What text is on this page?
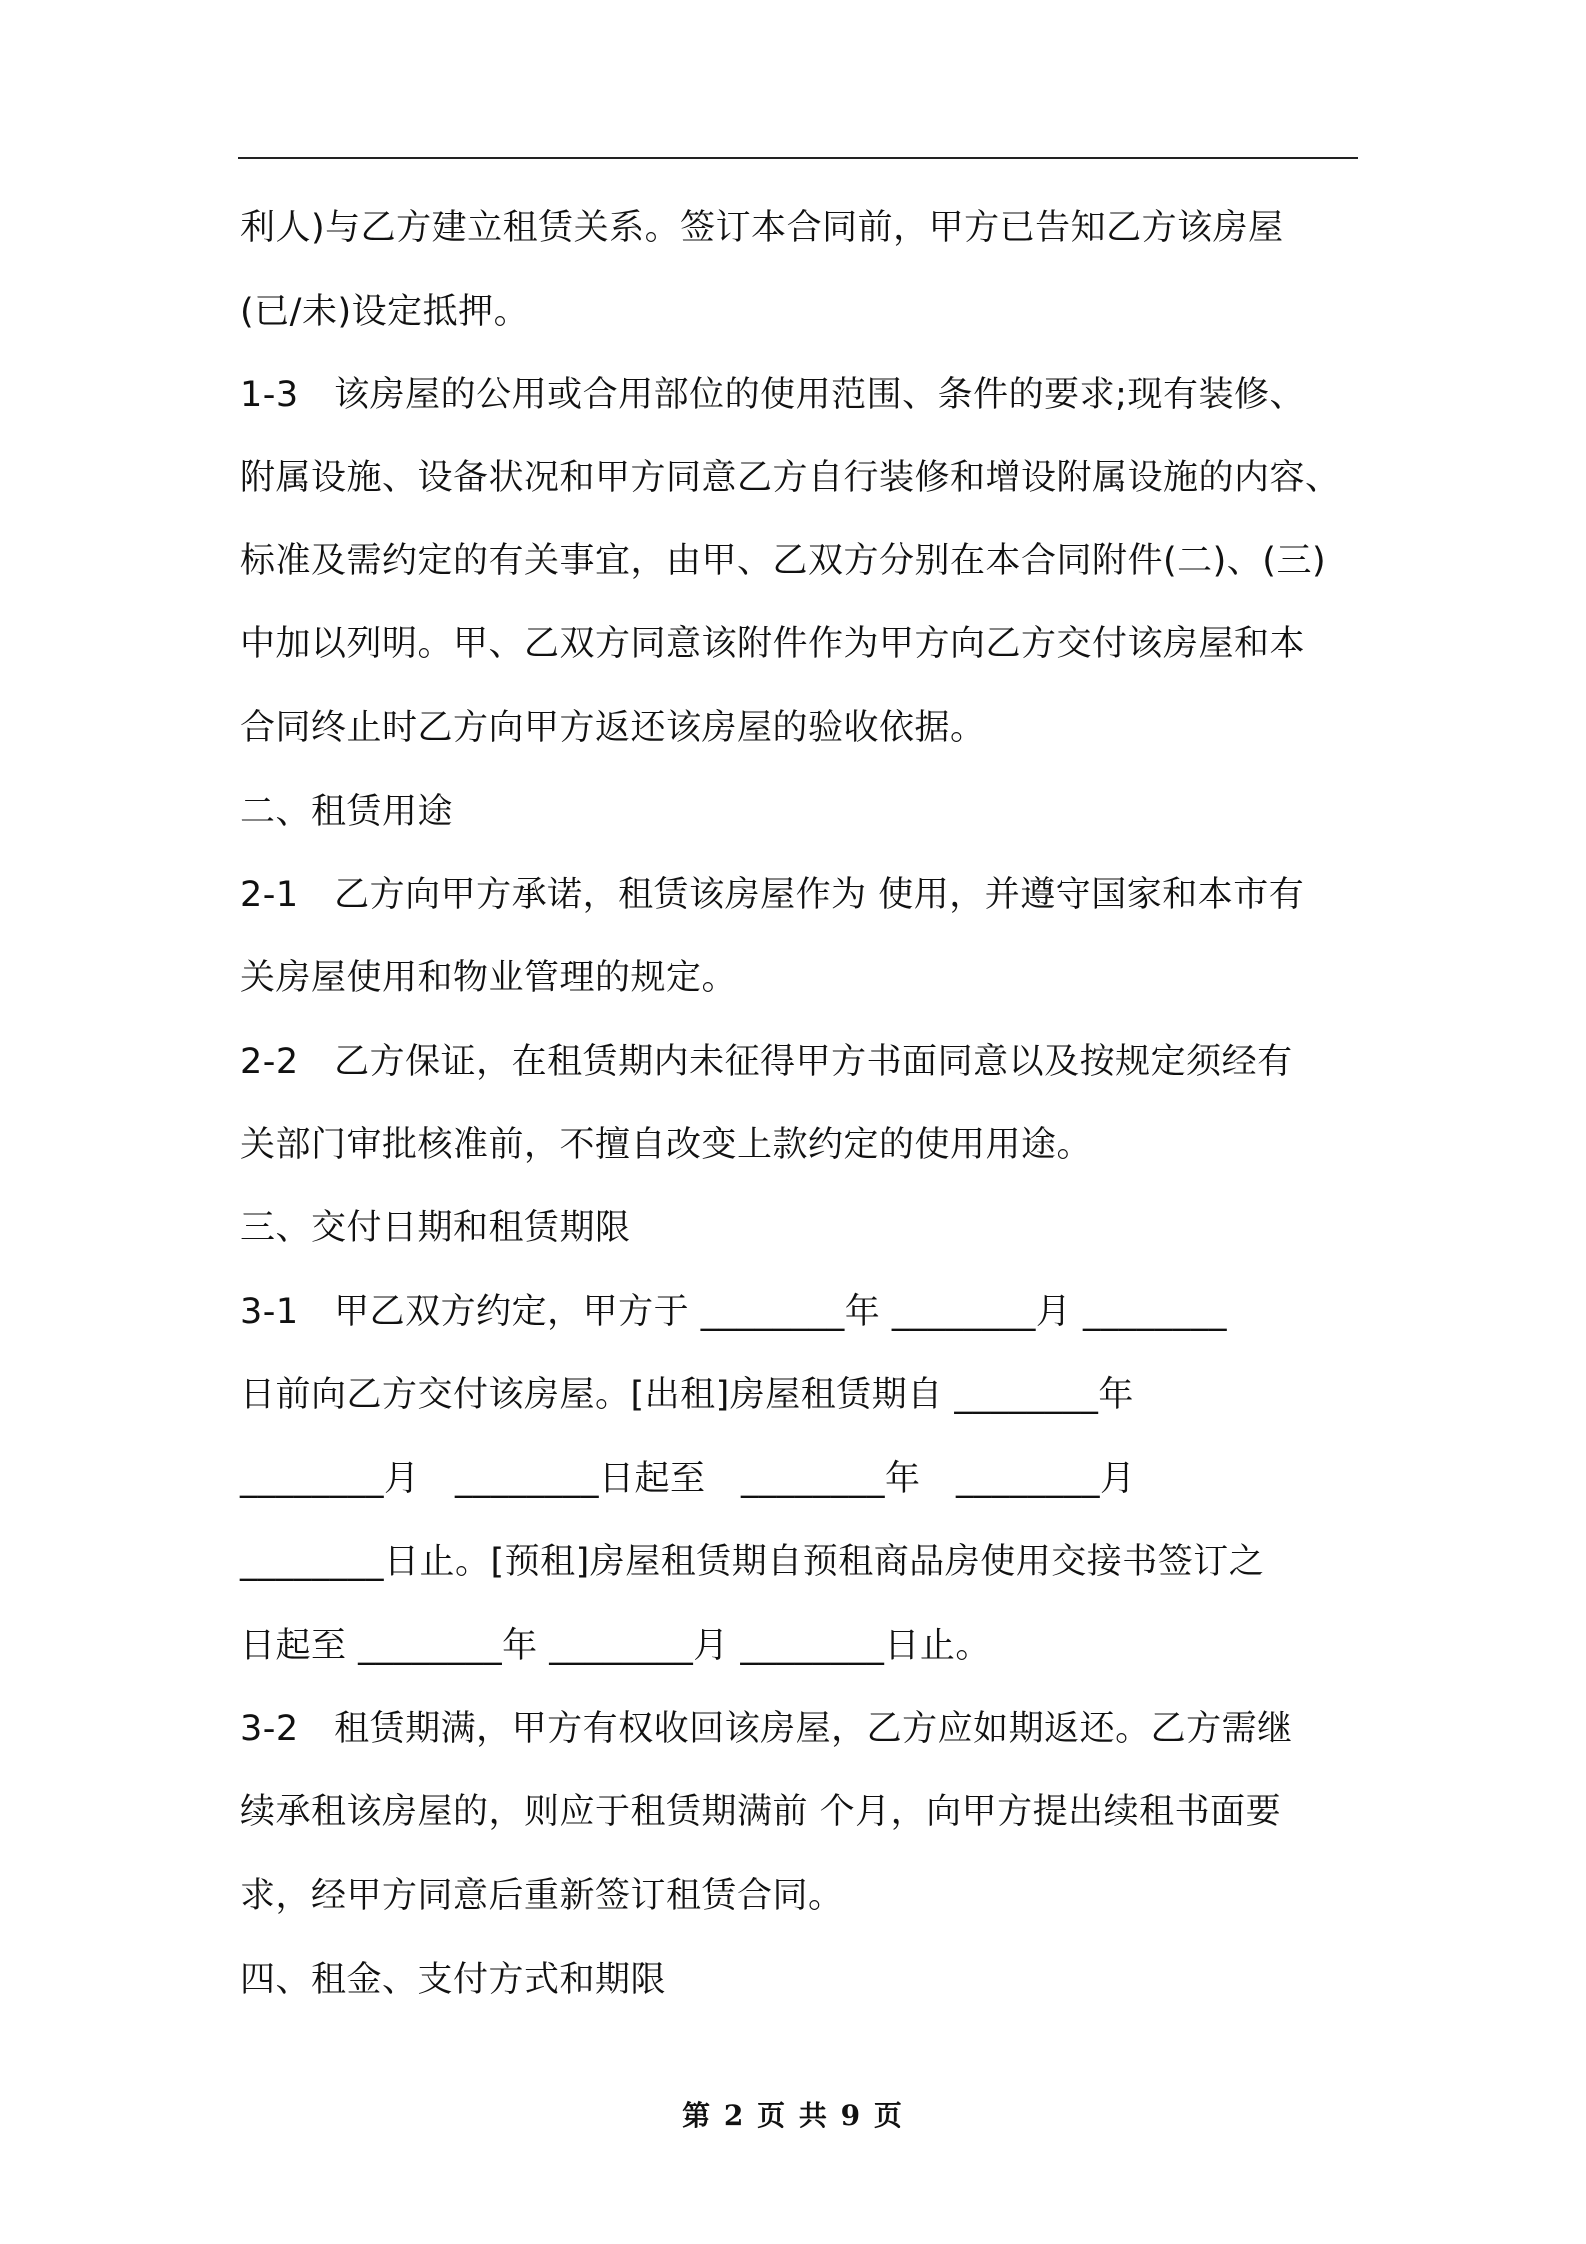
利人)与乙方建立租赁关系。签订本合同前，甲方已告知乙方该房屋
(已/未)设定抵押。
1-3　该房屋的公用或合用部位的使用范围、条件的要求;现有装修、
附属设施、设备状况和甲方同意乙方自行装修和增设附属设施的内容、
标准及需约定的有关事宜，由甲、乙双方分别在本合同附件(二)、(三)
中加以列明。甲、乙双方同意该附件作为甲方向乙方交付该房屋和本
合同终止时乙方向甲方返还该房屋的验收依据。
二、租赁用途
2-1　乙方向甲方承诺，租赁该房屋作为 使用，并遵守国家和本市有
关房屋使用和物业管理的规定。
2-2　乙方保证，在租赁期内未征得甲方书面同意以及按规定须经有
关部门审批核准前，不擅自改变上款约定的使用用途。
三、交付日期和租赁期限
3-1　甲乙双方约定，甲方于 ________年 ________月 ________
日前向乙方交付该房屋。[出租]房屋租赁期自 ________年
________月　________日起至　________年　________月
________日止。[预租]房屋租赁期自预租商品房使用交接书签订之
日起至 ________年 ________月 ________日止。
3-2　租赁期满，甲方有权收回该房屋，乙方应如期返还。乙方需继
续承租该房屋的，则应于租赁期满前 个月，向甲方提出续租书面要
求，经甲方同意后重新签订租赁合同。
四、租金、支付方式和期限
第 2 页 共 9 页
